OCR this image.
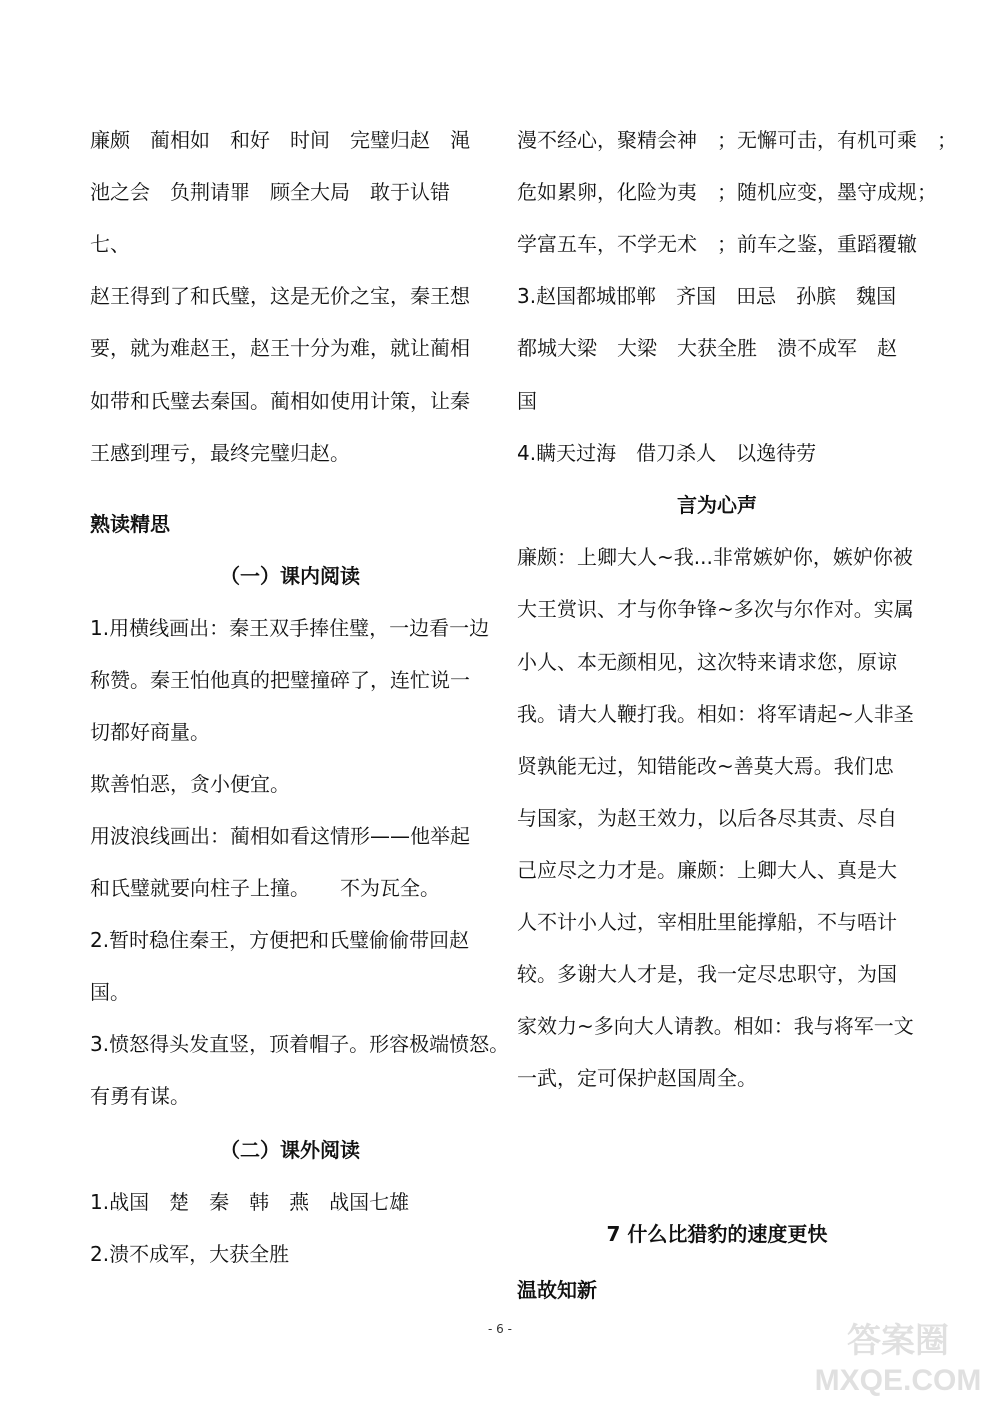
廉颇　蔺相如　和好　时间　完璧归赵　渑
池之会　负荆请罪　顾全大局　敢于认错
七、
赵王得到了和氏璧，这是无价之宝，秦王想
要，就为难赵王，赵王十分为难，就让蔺相
如带和氏璧去秦国。蔺相如使用计策，让秦
王感到理亏，最终完璧归赵。
熟读精思
（一）课内阅读
1.用横线画出：秦王双手捧住璧，一边看一边
称赞。秦王怕他真的把璧撞碎了，连忙说一
切都好商量。
欺善怕恶，贪小便宜。
用波浪线画出：蔺相如看这情形——他举起
和氏璧就要向柱子上撞。　　不为瓦全。
2.暂时稳住秦王，方便把和氏璧偷偷带回赵
国。
3.愤怒得头发直竖，顶着帽子。形容极端愤怒。
有勇有谋。
（二）课外阅读
1.战国　楚　秦　韩　燕　战国七雄
2.溃不成军，大获全胜
漫不经心，聚精会神　；无懈可击，有机可乘　；
危如累卵，化险为夷　；随机应变，墨守成规；
学富五车，不学无术　；前车之鉴，重蹈覆辙
3.赵国都城邯郸　齐国　田忌　孙膑　魏国
都城大梁　大梁　大获全胜　溃不成军　赵
国
4.瞒天过海　借刀杀人　以逸待劳
言为心声
廉颇：上卿大人~我...非常嫉妒你，嫉妒你被
大王赏识、才与你争锋~多次与尔作对。实属
小人、本无颜相见，这次特来请求您，原谅
我。请大人鞭打我。相如：将军请起~人非圣
贤孰能无过，知错能改~善莫大焉。我们忠
与国家，为赵王效力，以后各尽其责、尽自
己应尽之力才是。廉颇：上卿大人、真是大
人不计小人过，宰相肚里能撑船，不与唔计
较。多谢大人才是，我一定尽忠职守，为国
家效力~多向大人请教。相如：我与将军一文
一武，定可保护赵国周全。
7 什么比猎豹的速度更快
温故知新
- 6 -	答案圈
MXQE.COM
